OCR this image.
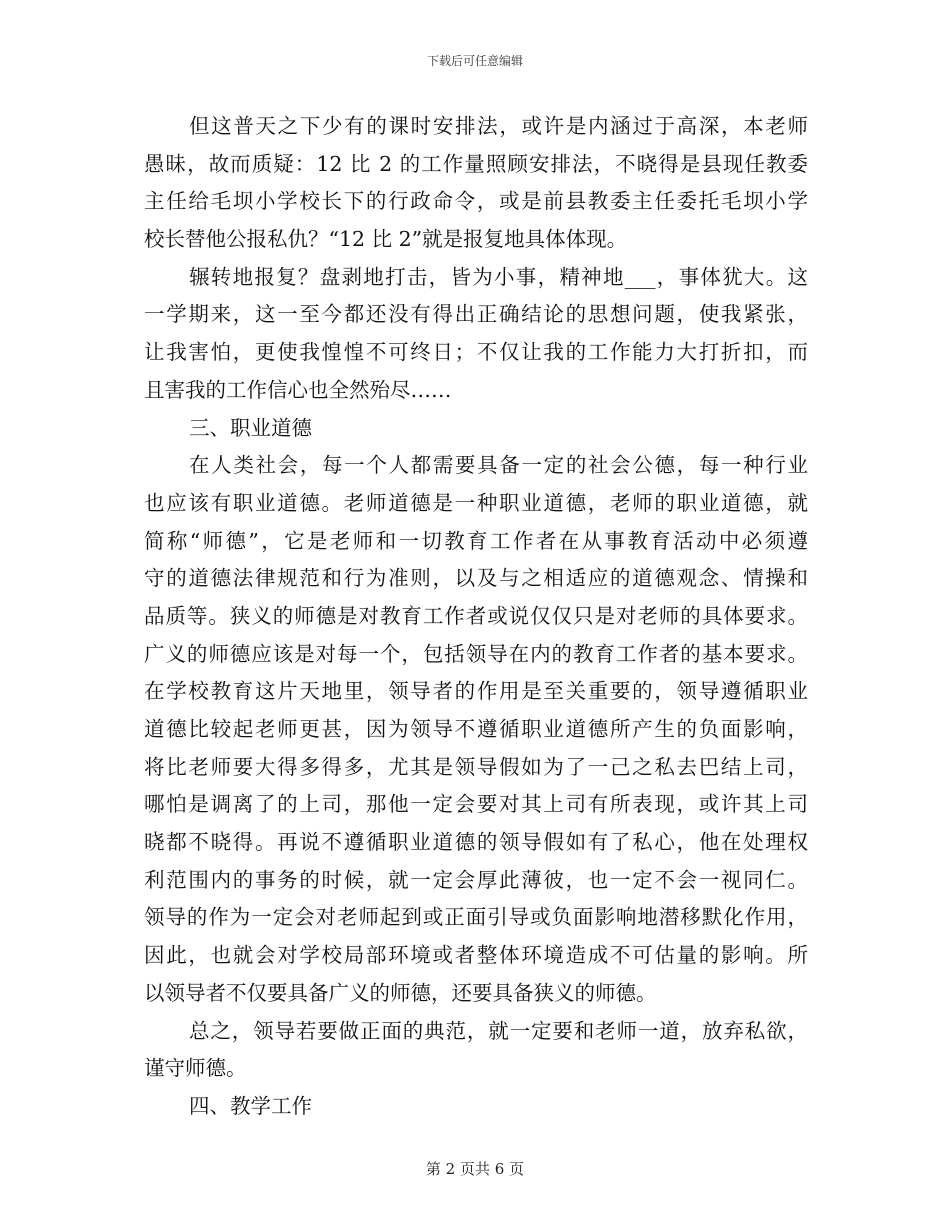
下载后可任意编辑
但这普天之下少有的课时安排法，或许是内涵过于高深，本老师
愚昧，故而质疑：12 比 2 的工作量照顾安排法，不晓得是县现任教委
主任给毛坝小学校长下的行政命令，或是前县教委主任委托毛坝小学
校长替他公报私仇？“12 比 2”就是报复地具体体现。
辗转地报复？盘剥地打击，皆为小事，精神地___，事体犹大。这
一学期来，这一至今都还没有得出正确结论的思想问题，使我紧张，
让我害怕，更使我惶惶不可终日；不仅让我的工作能力大打折扣，而
且害我的工作信心也全然殆尽……
三、职业道德
在人类社会，每一个人都需要具备一定的社会公德，每一种行业
也应该有职业道德。老师道德是一种职业道德，老师的职业道德，就
简称“师德”，它是老师和一切教育工作者在从事教育活动中必须遵
守的道德法律规范和行为准则，以及与之相适应的道德观念、情操和
品质等。狭义的师德是对教育工作者或说仅仅只是对老师的具体要求。
广义的师德应该是对每一个，包括领导在内的教育工作者的基本要求。
在学校教育这片天地里，领导者的作用是至关重要的，领导遵循职业
道德比较起老师更甚，因为领导不遵循职业道德所产生的负面影响，
将比老师要大得多得多，尤其是领导假如为了一己之私去巴结上司，
哪怕是调离了的上司，那他一定会要对其上司有所表现，或许其上司
晓都不晓得。再说不遵循职业道德的领导假如有了私心，他在处理权
利范围内的事务的时候，就一定会厚此薄彼，也一定不会一视同仁。
领导的作为一定会对老师起到或正面引导或负面影响地潜移默化作用，
因此，也就会对学校局部环境或者整体环境造成不可估量的影响。所
以领导者不仅要具备广义的师德，还要具备狭义的师德。
总之，领导若要做正面的典范，就一定要和老师一道，放弃私欲，
谨守师德。
四、教学工作
第 2 页共 6 页
